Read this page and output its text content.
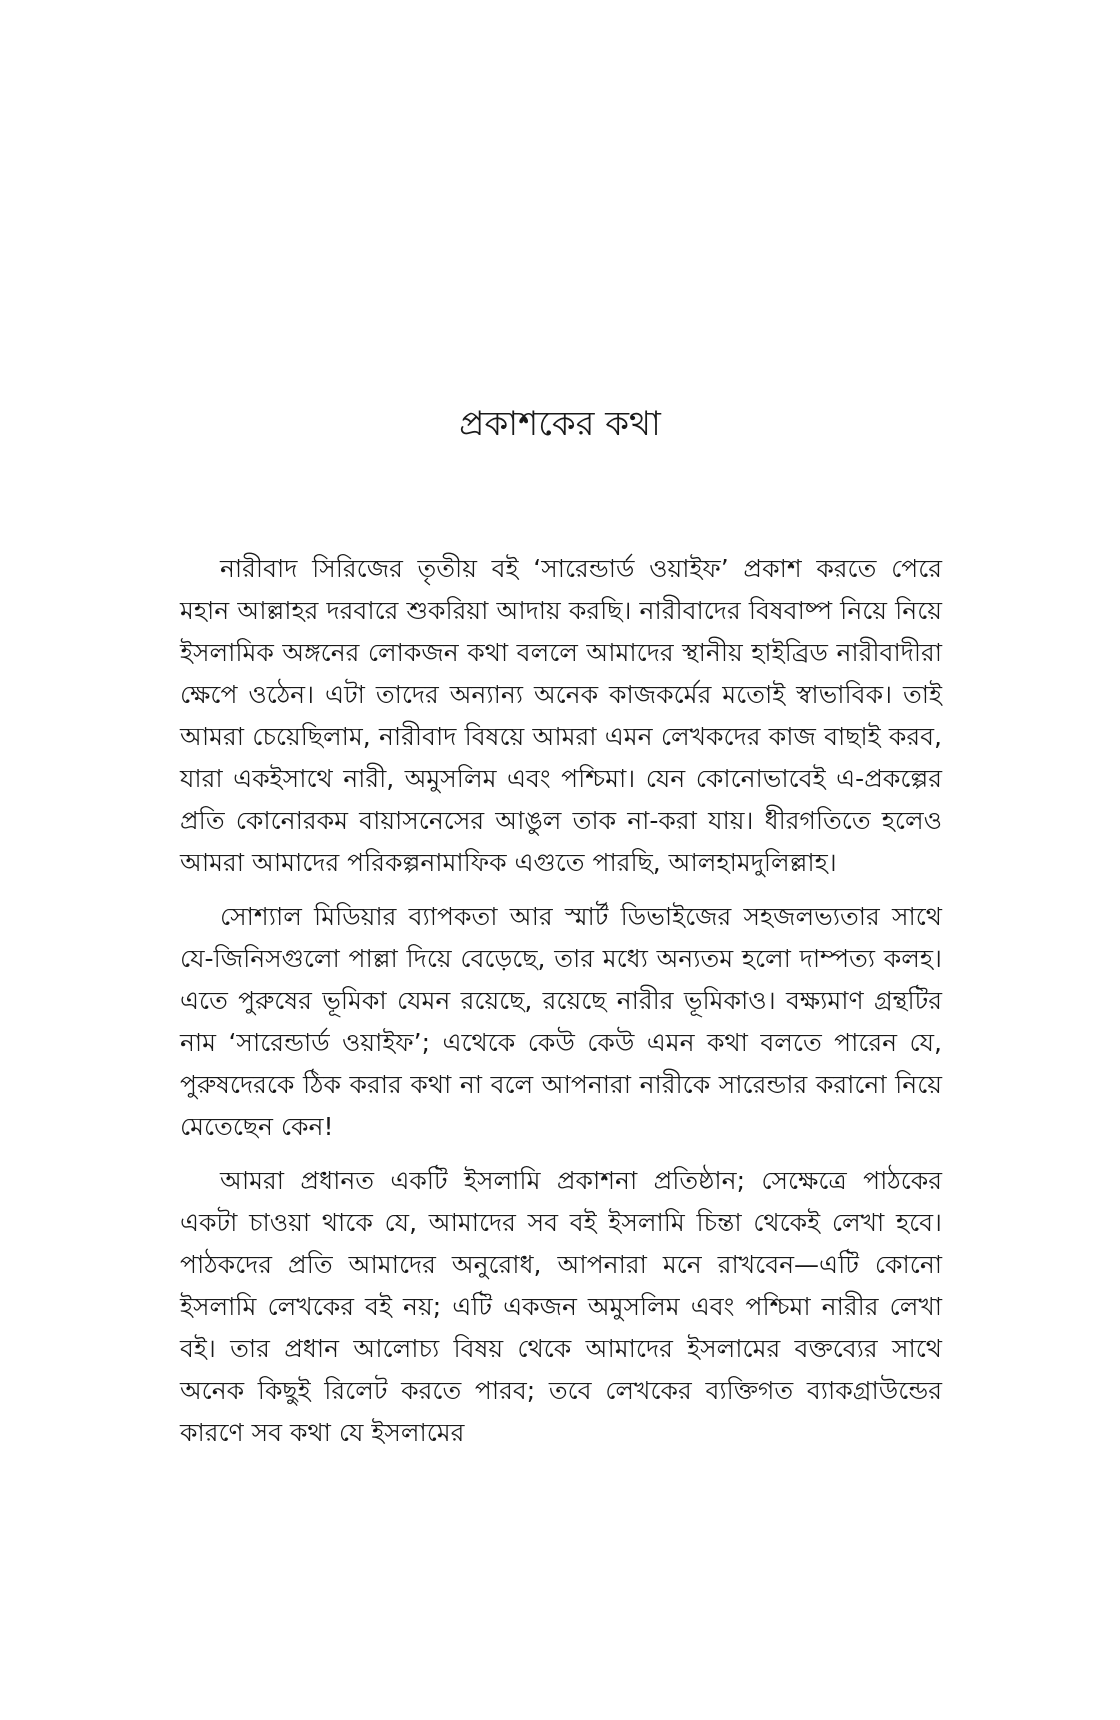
প্রকাশকের কথা

নারীবাদ সিরিজের তৃতীয় বই ‘সারেন্ডার্ড ওয়াইফ’ প্রকাশ করতে পেরে মহান আল্লাহর দরবারে শুকরিয়া আদায় করছি। নারীবাদের বিষবাষ্প নিয়ে নিয়ে ইসলামিক অঙ্গনের লোকজন কথা বললে আমাদের স্থানীয় হাইব্রিড নারীবাদীরা ক্ষেপে ওঠেন। এটা তাদের অন্যান্য অনেক কাজকর্মের মতোই স্বাভাবিক। তাই আমরা চেয়েছিলাম, নারীবাদ বিষয়ে আমরা এমন লেখকদের কাজ বাছাই করব, যারা একইসাথে নারী, অমুসলিম এবং পশ্চিমা। যেন কোনোভাবেই এ-প্রকল্পের প্রতি কোনোরকম বায়াসনেসের আঙুল তাক না-করা যায়। ধীরগতিতে হলেও আমরা আমাদের পরিকল্পনামাফিক এগুতে পারছি, আলহামদুলিল্লাহ।

সোশ্যাল মিডিয়ার ব্যাপকতা আর স্মার্ট ডিভাইজের সহজলভ্যতার সাথে যে-জিনিসগুলো পাল্লা দিয়ে বেড়েছে, তার মধ্যে অন্যতম হলো দাম্পত্য কলহ। এতে পুরুষের ভূমিকা যেমন রয়েছে, রয়েছে নারীর ভূমিকাও। বক্ষ্যমাণ গ্রন্থটির নাম ‘সারেন্ডার্ড ওয়াইফ’; এথেকে কেউ কেউ এমন কথা বলতে পারেন যে, পুরুষদেরকে ঠিক করার কথা না বলে আপনারা নারীকে সারেন্ডার করানো নিয়ে মেতেছেন কেন!

আমরা প্রধানত একটি ইসলামি প্রকাশনা প্রতিষ্ঠান; সেক্ষেত্রে পাঠকের একটা চাওয়া থাকে যে, আমাদের সব বই ইসলামি চিন্তা থেকেই লেখা হবে। পাঠকদের প্রতি আমাদের অনুরোধ, আপনারা মনে রাখবেন—এটি কোনো ইসলামি লেখকের বই নয়; এটি একজন অমুসলিম এবং পশ্চিমা নারীর লেখা বই। তার প্রধান আলোচ্য বিষয় থেকে আমাদের ইসলামের বক্তব্যের সাথে অনেক কিছুই রিলেট করতে পারব; তবে লেখকের ব্যক্তিগত ব্যাকগ্রাউন্ডের কারণে সব কথা যে ইসলামের
